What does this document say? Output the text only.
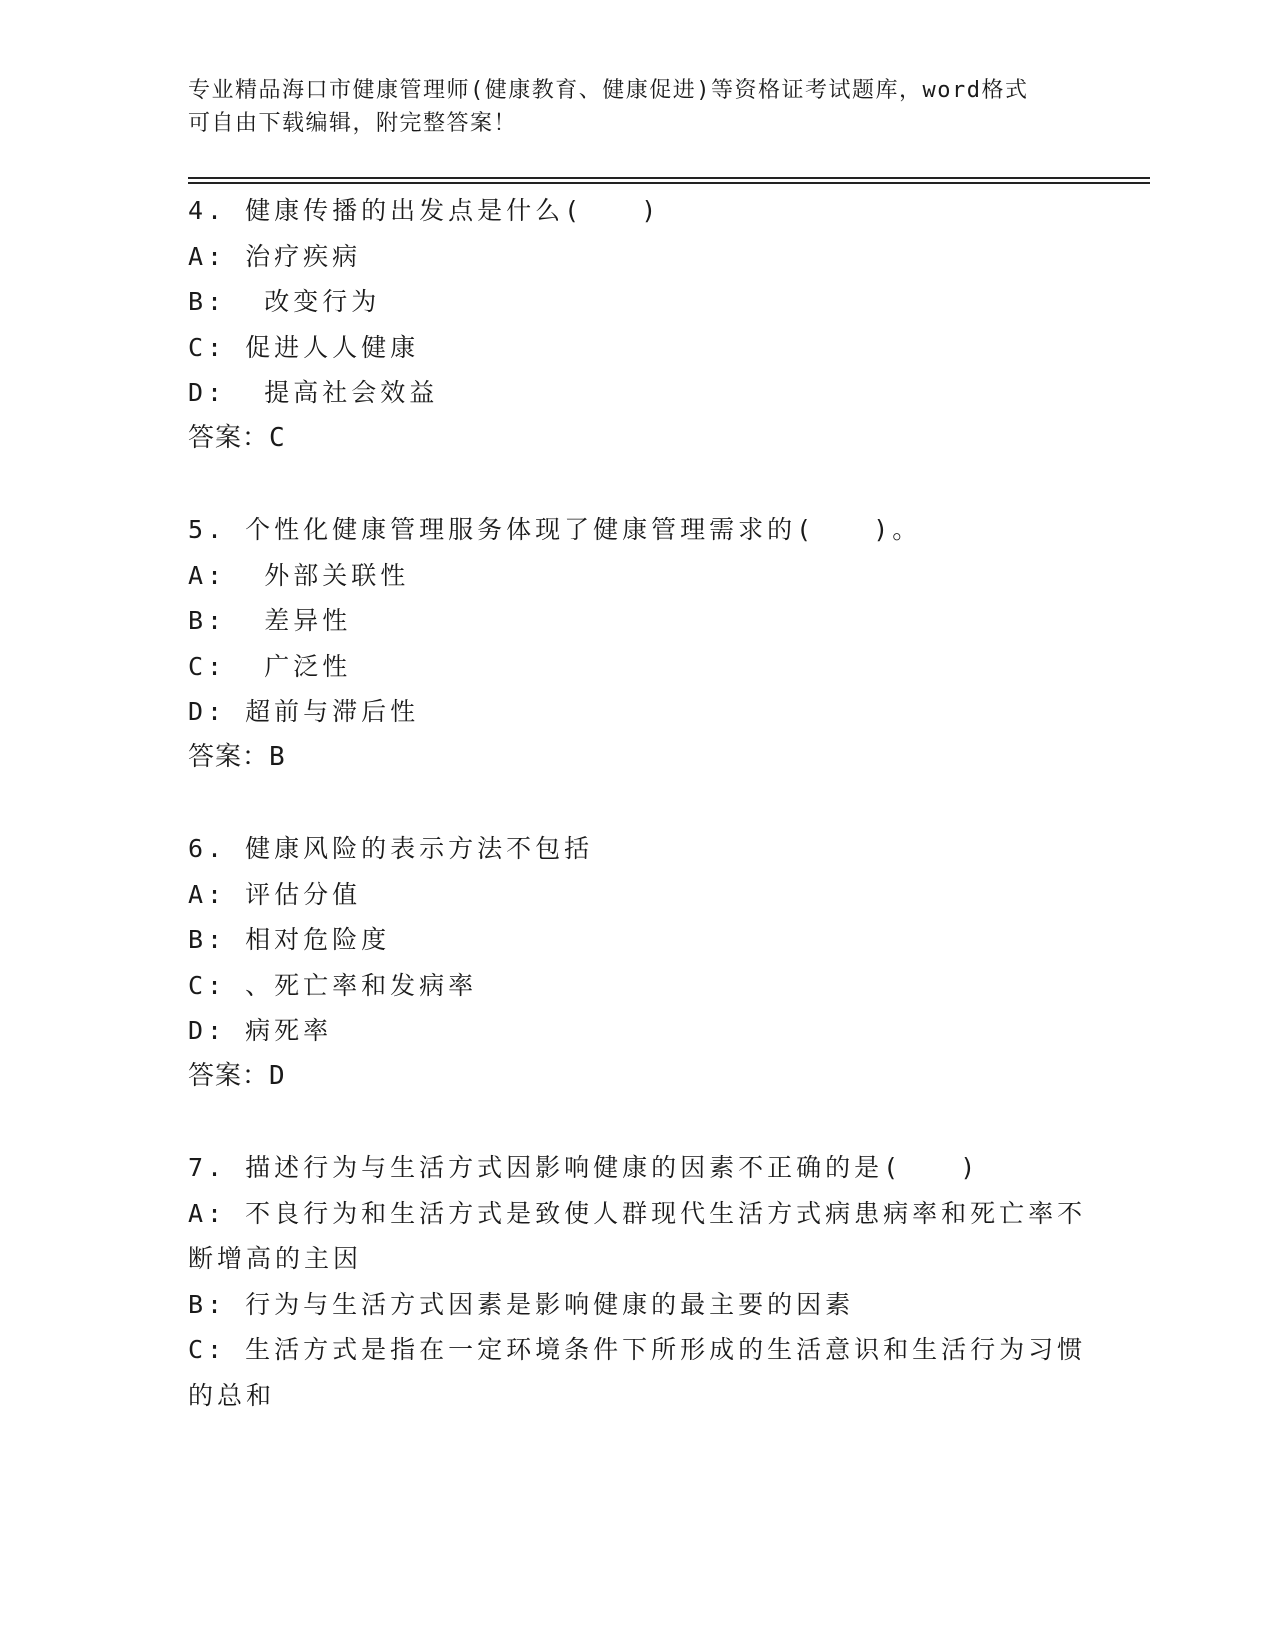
专业精品海口市健康管理师(健康教育、健康促进)等资格证考试题库，word格式
可自由下载编辑，附完整答案！
4. 健康传播的出发点是什么(　　)
A: 治疗疾病
B:  改变行为
C: 促进人人健康
D:  提高社会效益
答案：C
5. 个性化健康管理服务体现了健康管理需求的(　　)。
A:  外部关联性
B:  差异性
C:  广泛性
D: 超前与滞后性
答案：B
6. 健康风险的表示方法不包括
A: 评估分值
B: 相对危险度
C: 、死亡率和发病率
D: 病死率
答案：D
7. 描述行为与生活方式因影响健康的因素不正确的是(　　)
A: 不良行为和生活方式是致使人群现代生活方式病患病率和死亡率不断增高的主因
B: 行为与生活方式因素是影响健康的最主要的因素
C: 生活方式是指在一定环境条件下所形成的生活意识和生活行为习惯的总和
